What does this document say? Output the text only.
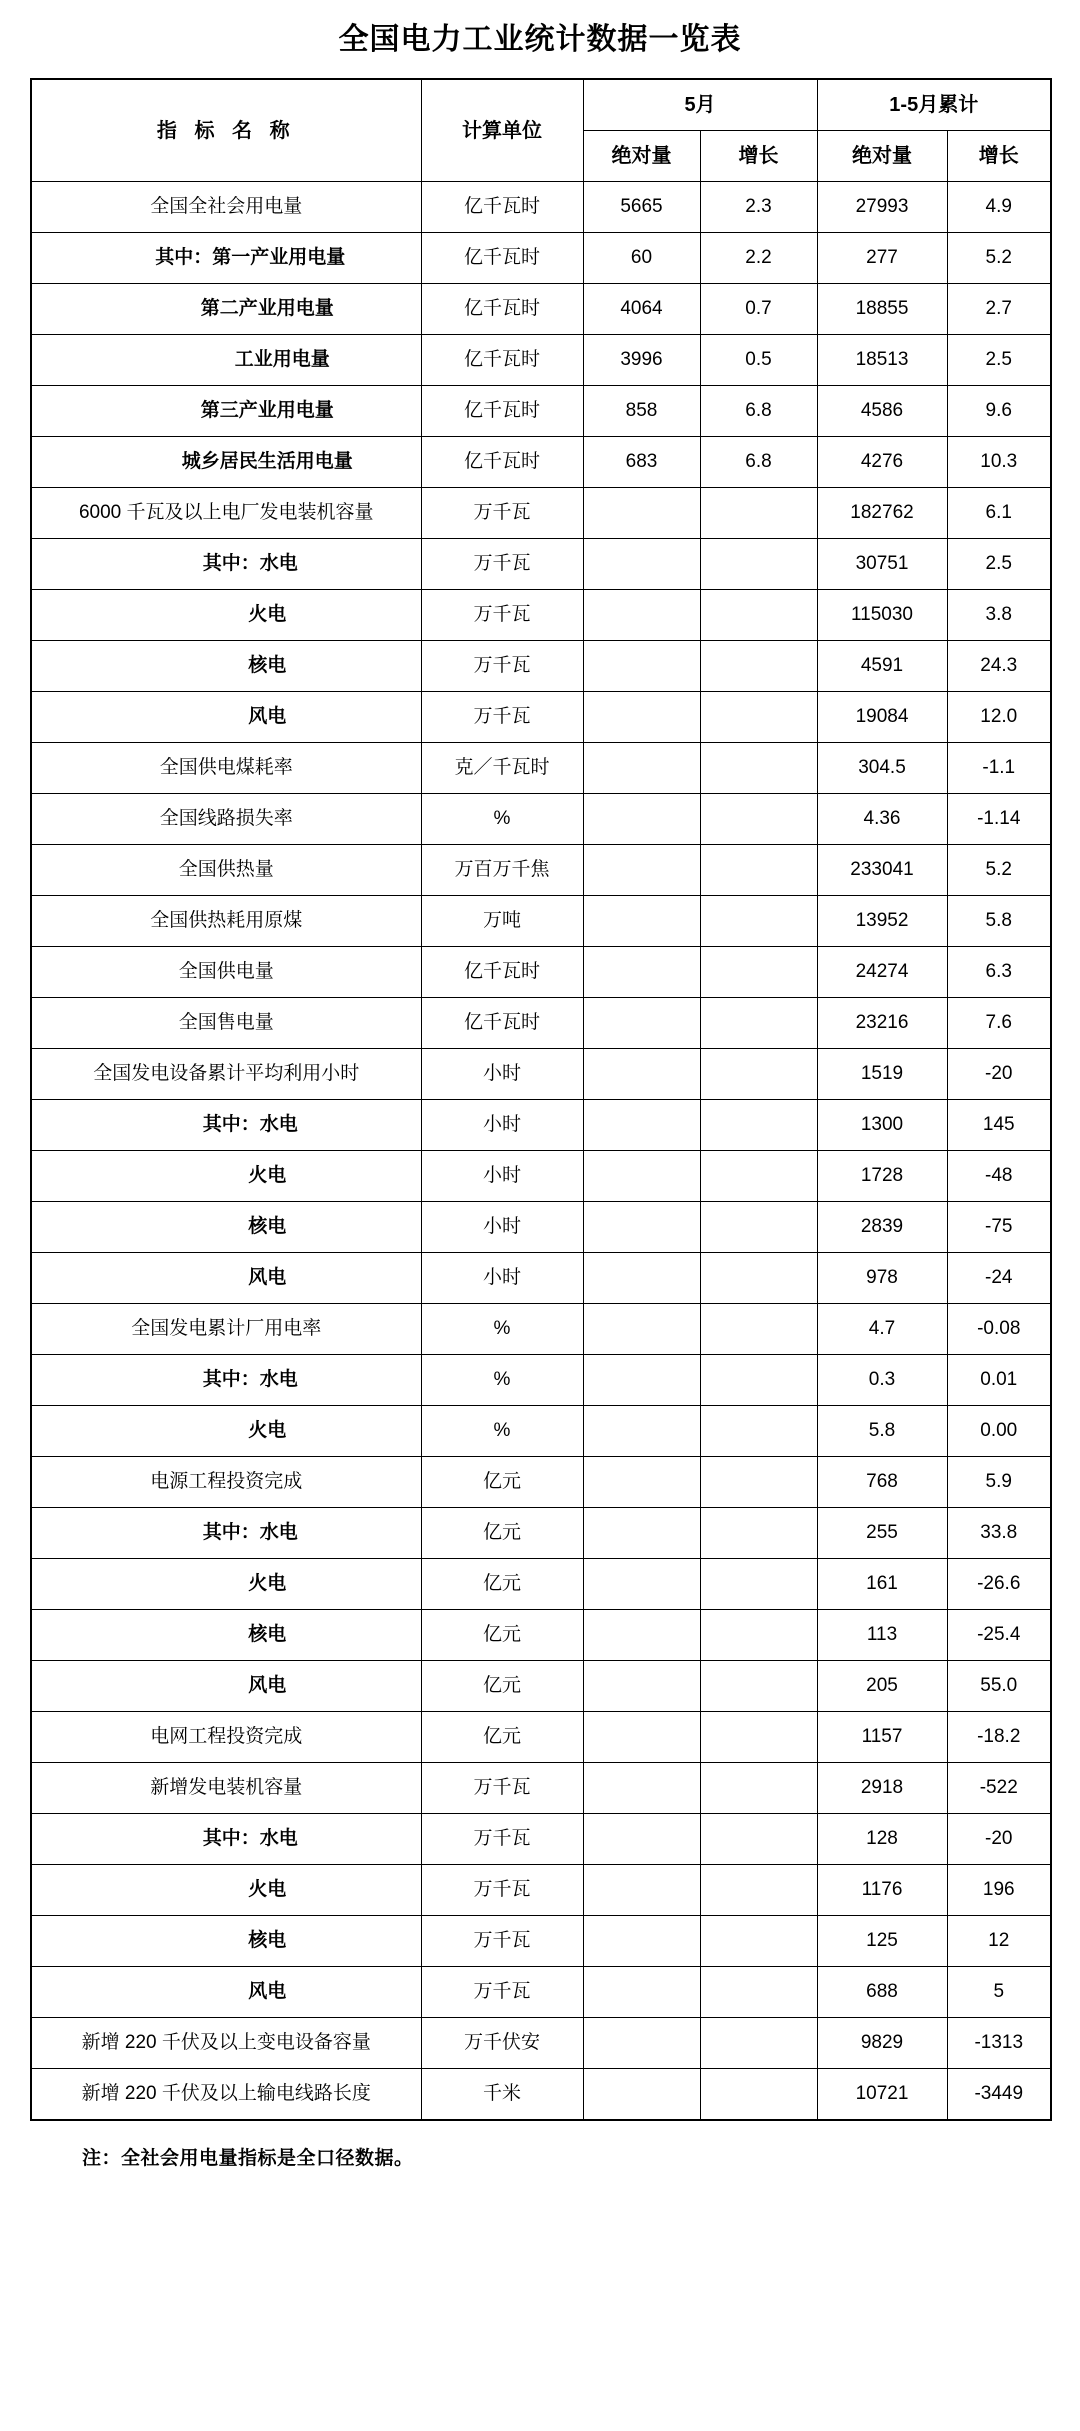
全国电力工业统计数据一览表
指 标 名 称	计算单位	5月		1-5月累计	
		绝对量	增长	绝对量	增长
全国全社会用电量	亿千瓦时	5665	2.3	27993	4.9
其中：第一产业用电量	亿千瓦时	60	2.2	277	5.2
第二产业用电量	亿千瓦时	4064	0.7	18855	2.7
工业用电量	亿千瓦时	3996	0.5	18513	2.5
第三产业用电量	亿千瓦时	858	6.8	4586	9.6
城乡居民生活用电量	亿千瓦时	683	6.8	4276	10.3
6000 千瓦及以上电厂发电装机容量	万千瓦			182762	6.1
其中：水电	万千瓦			30751	2.5
火电	万千瓦			115030	3.8
核电	万千瓦			4591	24.3
风电	万千瓦			19084	12.0
全国供电煤耗率	克／千瓦时			304.5	-1.1
全国线路损失率	%			4.36	-1.14
全国供热量	万百万千焦			233041	5.2
全国供热耗用原煤	万吨			13952	5.8
全国供电量	亿千瓦时			24274	6.3
全国售电量	亿千瓦时			23216	7.6
全国发电设备累计平均利用小时	小时			1519	-20
其中：水电	小时			1300	145
火电	小时			1728	-48
核电	小时			2839	-75
风电	小时			978	-24
全国发电累计厂用电率	%			4.7	-0.08
其中：水电	%			0.3	0.01
火电	%			5.8	0.00
电源工程投资完成	亿元			768	5.9
其中：水电	亿元			255	33.8
火电	亿元			161	-26.6
核电	亿元			113	-25.4
风电	亿元			205	55.0
电网工程投资完成	亿元			1157	-18.2
新增发电装机容量	万千瓦			2918	-522
其中：水电	万千瓦			128	-20
火电	万千瓦			1176	196
核电	万千瓦			125	12
风电	万千瓦			688	5
新增 220 千伏及以上变电设备容量	万千伏安			9829	-1313
新增 220 千伏及以上输电线路长度	千米			10721	-3449
注：全社会用电量指标是全口径数据。
